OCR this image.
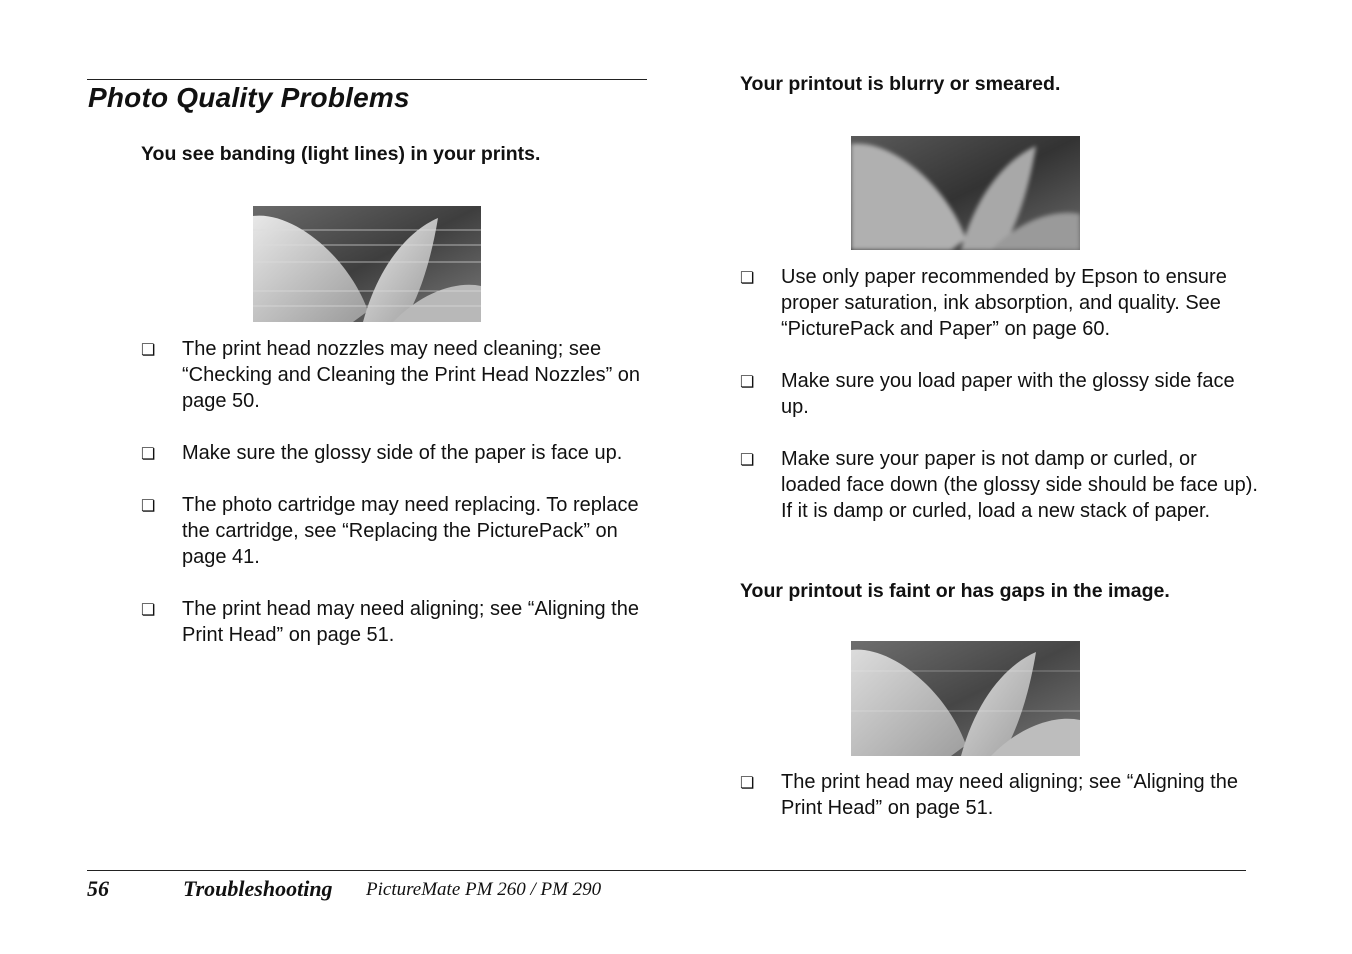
Photo Quality Problems

You see banding (light lines) in your prints.

❏ The print head nozzles may need cleaning; see “Checking and Cleaning the Print Head Nozzles” on page 50.
❏ Make sure the glossy side of the paper is face up.
❏ The photo cartridge may need replacing. To replace the cartridge, see “Replacing the PicturePack” on page 41.
❏ The print head may need aligning; see “Aligning the Print Head” on page 51.

Your printout is blurry or smeared.

❏ Use only paper recommended by Epson to ensure proper saturation, ink absorption, and quality. See “PicturePack and Paper” on page 60.
❏ Make sure you load paper with the glossy side face up.
❏ Make sure your paper is not damp or curled, or loaded face down (the glossy side should be face up). If it is damp or curled, load a new stack of paper.

Your printout is faint or has gaps in the image.

❏ The print head may need aligning; see “Aligning the Print Head” on page 51.
56	Troubleshooting PictureMate PM 260 / PM 290
